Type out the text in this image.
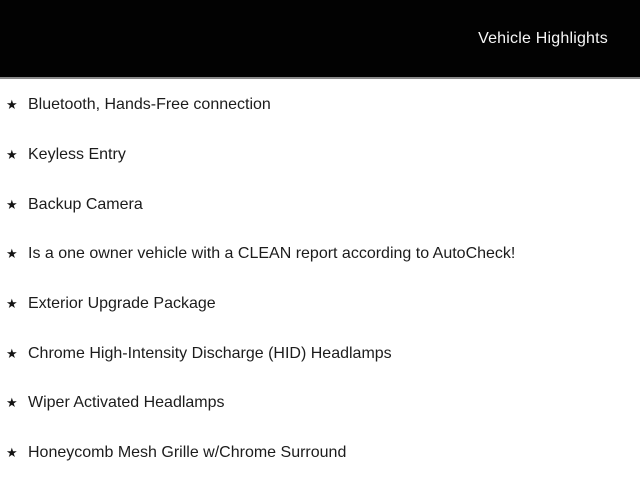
Vehicle Highlights
★ Bluetooth, Hands-Free connection
★ Keyless Entry
★ Backup Camera
★ Is a one owner vehicle with a CLEAN report according to AutoCheck!
★ Exterior Upgrade Package
★ Chrome High-Intensity Discharge (HID) Headlamps
★ Wiper Activated Headlamps
★ Honeycomb Mesh Grille w/Chrome Surround
